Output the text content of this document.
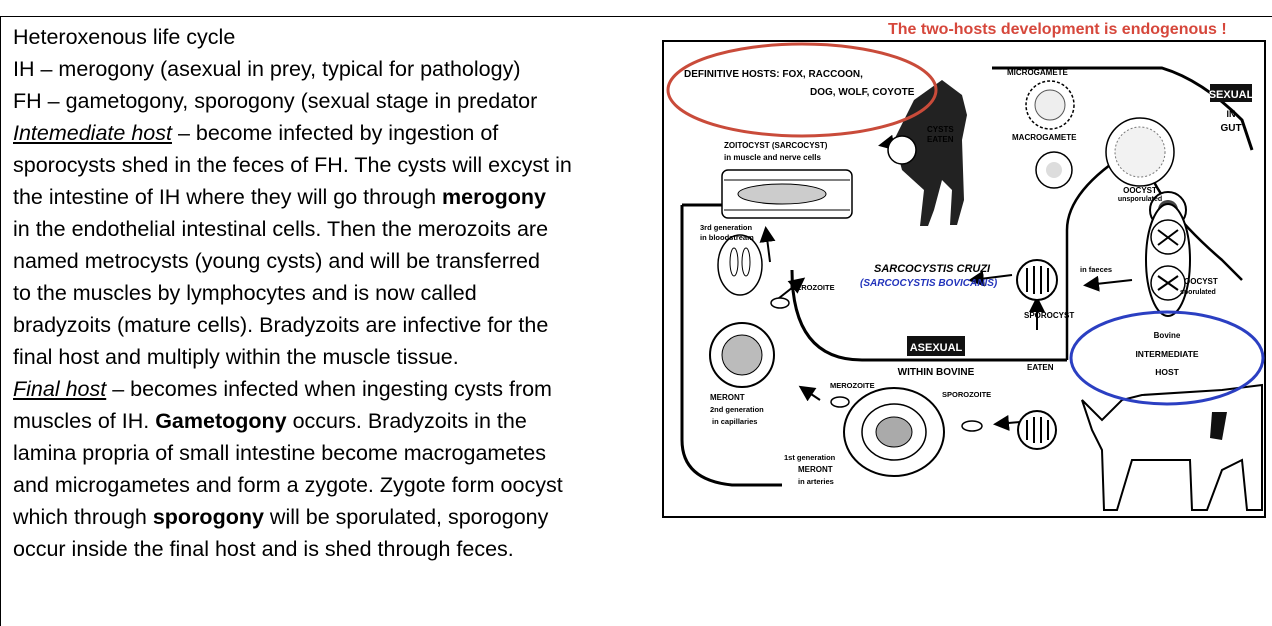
Heteroxenous life cycle

IH – merogony (asexual in prey, typical for pathology)

FH – gametogony, sporogony (sexual stage in predator

Intemediate host – become infected by ingestion of

sporocysts shed in the feces of FH. The cysts will excyst in

the intestine of IH where they will go through merogony

in the endothelial intestinal cells. Then the merozoits are

named metrocysts (young cysts) and will be transferred

to the muscles by lymphocytes and is now called

bradyzoits (mature cells). Bradyzoits are infective for the

final host and multiply within the muscle tissue.

Final host – becomes infected when ingesting cysts from

muscles of IH. Gametogony occurs. Bradyzoits in the

lamina propria of small intestine become macrogametes

and microgametes and form a zygote. Zygote form oocyst

which through sporogony will be sporulated, sporogony

occur inside the final host and is shed through feces.

The two-hosts development is endogenous !
SEXUAL
IN
GUT
ASEXUAL
WITHIN BOVINE
DEFINITIVE HOSTS: FOX, RACCOON,
DOG, WOLF, COYOTE
MICROGAMETE
MACROGAMETE
CYSTS
EATEN
ZOITOCYST (SARCOCYST)
in muscle and nerve cells
OOCYST
unsporulated
3rd generation
in bloodstream
MEROZOITE
SARCOCYSTIS CRUZI
(SARCOCYSTIS BOVICANIS)
in faeces
OOCYST
sporulated
SPOROCYST
Bovine
INTERMEDIATE
HOST
EATEN
MERONT
2nd generation
in capillaries
MEROZOITE
SPOROZOITE
1st generation
MERONT
in arteries
